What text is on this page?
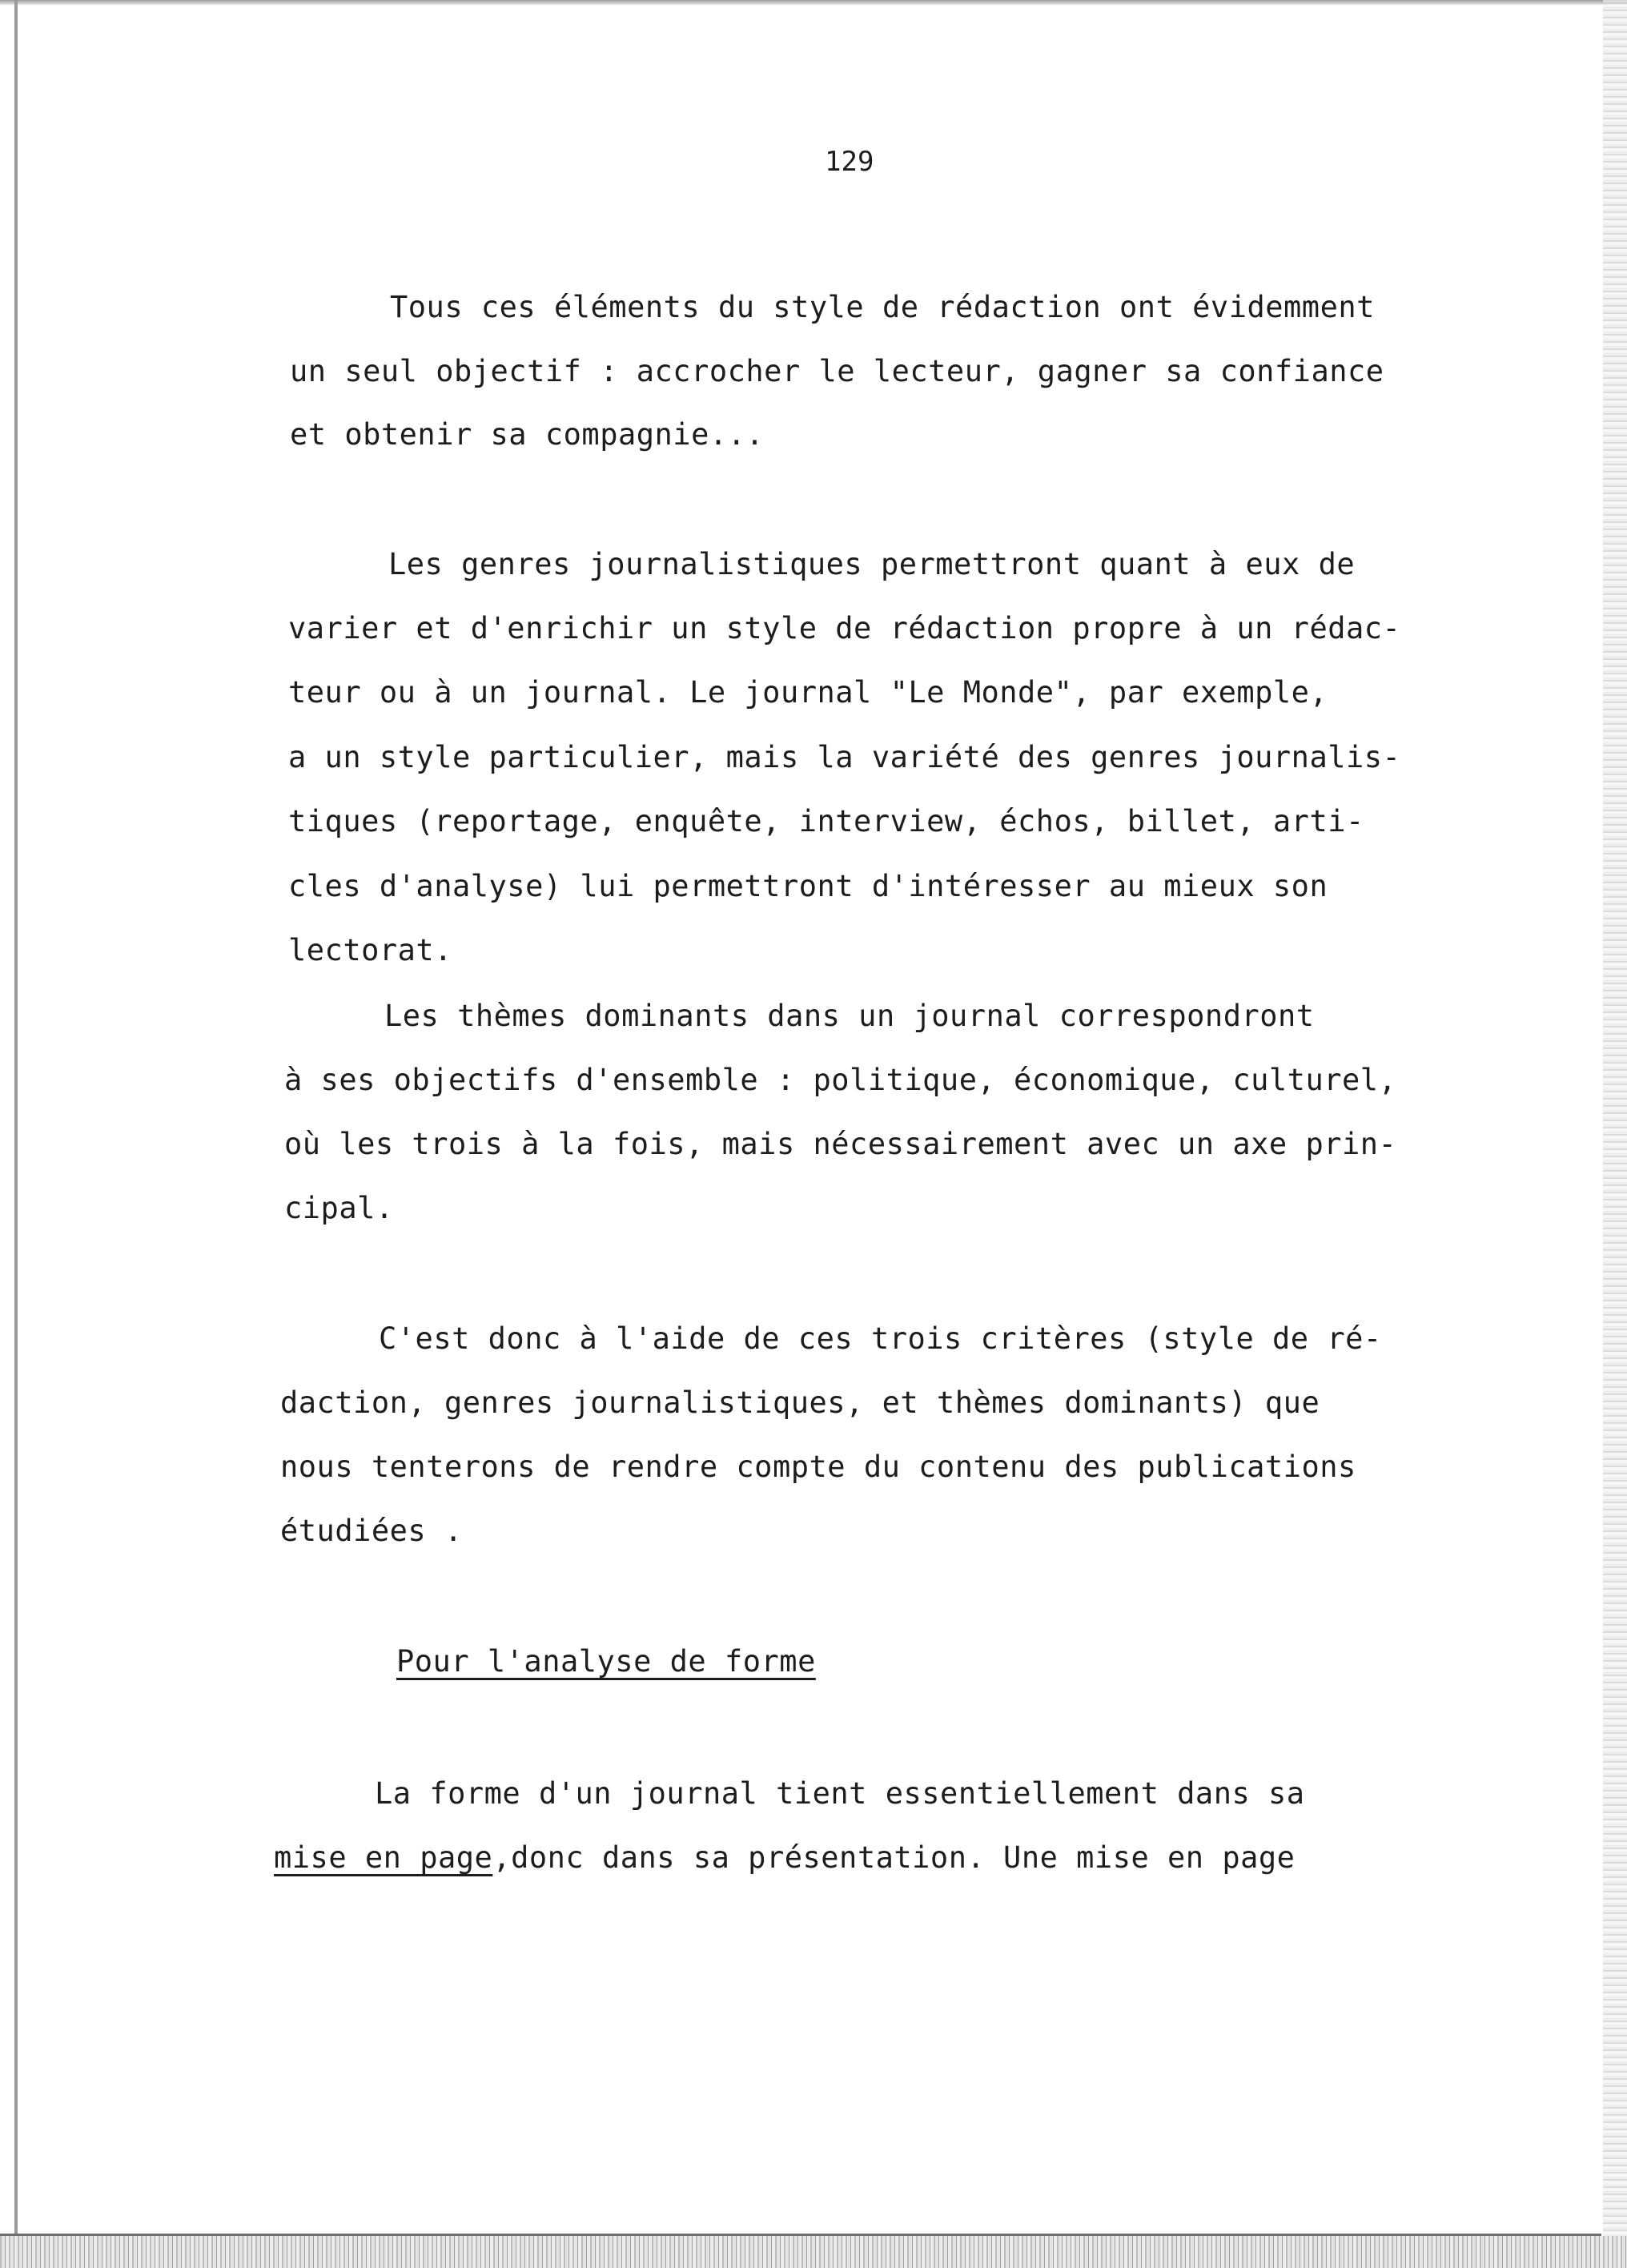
129
Tous ces éléments du style de rédaction ont évidemment
un seul objectif : accrocher le lecteur, gagner sa confiance
et obtenir sa compagnie...
Les genres journalistiques permettront quant à eux de
varier et d'enrichir un style de rédaction propre à un rédac-
teur ou à un journal. Le journal "Le Monde", par exemple,
a un style particulier, mais la variété des genres journalis-
tiques (reportage, enquête, interview, échos, billet, arti-
cles d'analyse) lui permettront d'intéresser au mieux son
lectorat.
Les thèmes dominants dans un journal correspondront
à ses objectifs d'ensemble : politique, économique, culturel,
où les trois à la fois, mais nécessairement avec un axe prin-
cipal.
C'est donc à l'aide de ces trois critères (style de ré-
daction, genres journalistiques, et thèmes dominants) que
nous tenterons de rendre compte du contenu des publications
étudiées .
Pour l'analyse de forme
La forme d'un journal tient essentiellement dans sa
mise en page,donc dans sa présentation. Une mise en page
